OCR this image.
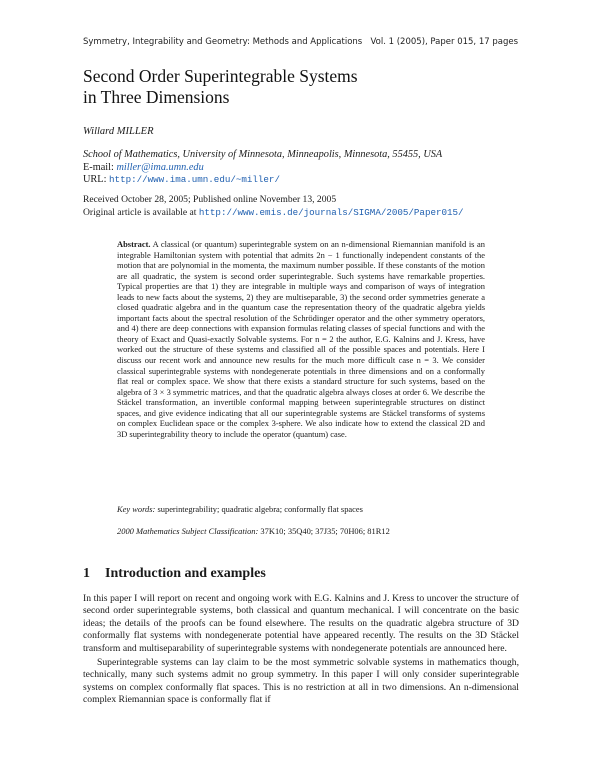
Symmetry, Integrability and Geometry: Methods and Applications Vol. 1 (2005), Paper 015, 17 pages
Second Order Superintegrable Systems
in Three Dimensions
Willard MILLER
School of Mathematics, University of Minnesota, Minneapolis, Minnesota, 55455, USA
E-mail: miller@ima.umn.edu
URL: http://www.ima.umn.edu/~miller/
Received October 28, 2005; Published online November 13, 2005
Original article is available at http://www.emis.de/journals/SIGMA/2005/Paper015/
Abstract. A classical (or quantum) superintegrable system on an n-dimensional Riemannian manifold is an integrable Hamiltonian system with potential that admits 2n − 1 functionally independent constants of the motion that are polynomial in the momenta, the maximum number possible. If these constants of the motion are all quadratic, the system is second order superintegrable. Such systems have remarkable properties. Typical properties are that 1) they are integrable in multiple ways and comparison of ways of integration leads to new facts about the systems, 2) they are multiseparable, 3) the second order symmetries generate a closed quadratic algebra and in the quantum case the representation theory of the quadratic algebra yields important facts about the spectral resolution of the Schrödinger operator and the other symmetry operators, and 4) there are deep connections with expansion formulas relating classes of special functions and with the theory of Exact and Quasi-exactly Solvable systems. For n = 2 the author, E.G. Kalnins and J. Kress, have worked out the structure of these systems and classified all of the possible spaces and potentials. Here I discuss our recent work and announce new results for the much more difficult case n = 3. We consider classical superintegrable systems with nondegenerate potentials in three dimensions and on a conformally flat real or complex space. We show that there exists a standard structure for such systems, based on the algebra of 3 × 3 symmetric matrices, and that the quadratic algebra always closes at order 6. We describe the Stäckel transformation, an invertible conformal mapping between superintegrable structures on distinct spaces, and give evidence indicating that all our superintegrable systems are Stäckel transforms of systems on complex Euclidean space or the complex 3-sphere. We also indicate how to extend the classical 2D and 3D superintegrability theory to include the operator (quantum) case.
Key words: superintegrability; quadratic algebra; conformally flat spaces
2000 Mathematics Subject Classification: 37K10; 35Q40; 37J35; 70H06; 81R12
1 Introduction and examples

In this paper I will report on recent and ongoing work with E.G. Kalnins and J. Kress to uncover the structure of second order superintegrable systems, both classical and quantum mechanical. I will concentrate on the basic ideas; the details of the proofs can be found elsewhere. The results on the quadratic algebra structure of 3D conformally flat systems with nondegenerate potential have appeared recently. The results on the 3D Stäckel transform and multiseparability of superintegrable systems with nondegenerate potentials are announced here.

Superintegrable systems can lay claim to be the most symmetric solvable systems in mathematics though, technically, many such systems admit no group symmetry. In this paper I will only consider superintegrable systems on complex conformally flat spaces. This is no restriction at all in two dimensions. An n-dimensional complex Riemannian space is conformally flat if
